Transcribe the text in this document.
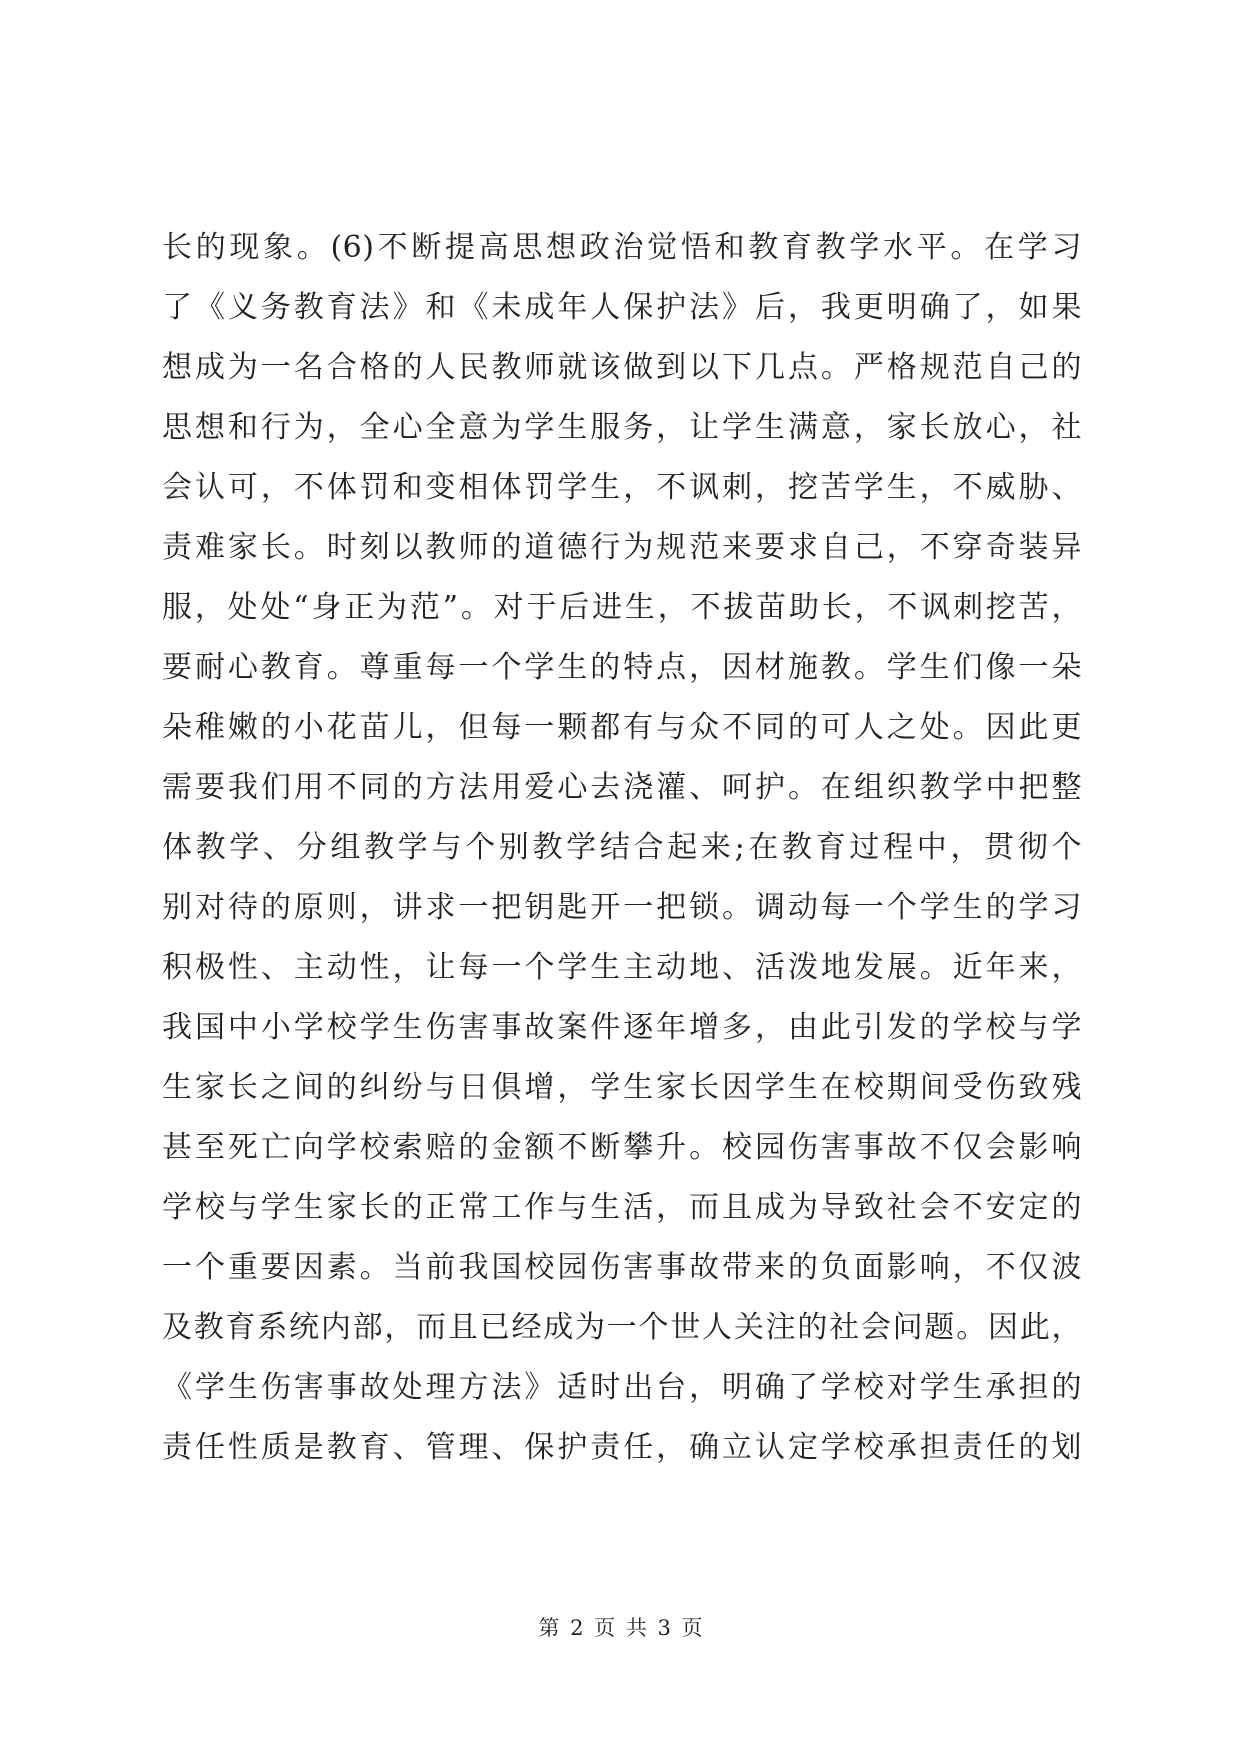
长的现象。(6)不断提高思想政治觉悟和教育教学水平。在学习
了《义务教育法》和《未成年人保护法》后，我更明确了，如果
想成为一名合格的人民教师就该做到以下几点。严格规范自己的
思想和行为，全心全意为学生服务，让学生满意，家长放心，社
会认可，不体罚和变相体罚学生，不讽刺，挖苦学生，不威胁、
责难家长。时刻以教师的道德行为规范来要求自己，不穿奇装异
服，处处“身正为范”。对于后进生，不拔苗助长，不讽刺挖苦，
要耐心教育。尊重每一个学生的特点，因材施教。学生们像一朵
朵稚嫩的小花苗儿，但每一颗都有与众不同的可人之处。因此更
需要我们用不同的方法用爱心去浇灌、呵护。在组织教学中把整
体教学、分组教学与个别教学结合起来;在教育过程中，贯彻个
别对待的原则，讲求一把钥匙开一把锁。调动每一个学生的学习
积极性、主动性，让每一个学生主动地、活泼地发展。近年来，
我国中小学校学生伤害事故案件逐年增多，由此引发的学校与学
生家长之间的纠纷与日俱增，学生家长因学生在校期间受伤致残
甚至死亡向学校索赔的金额不断攀升。校园伤害事故不仅会影响
学校与学生家长的正常工作与生活，而且成为导致社会不安定的
一个重要因素。当前我国校园伤害事故带来的负面影响，不仅波
及教育系统内部，而且已经成为一个世人关注的社会问题。因此，
《学生伤害事故处理方法》适时出台，明确了学校对学生承担的
责任性质是教育、管理、保护责任，确立认定学校承担责任的划
第 2 页 共 3 页
